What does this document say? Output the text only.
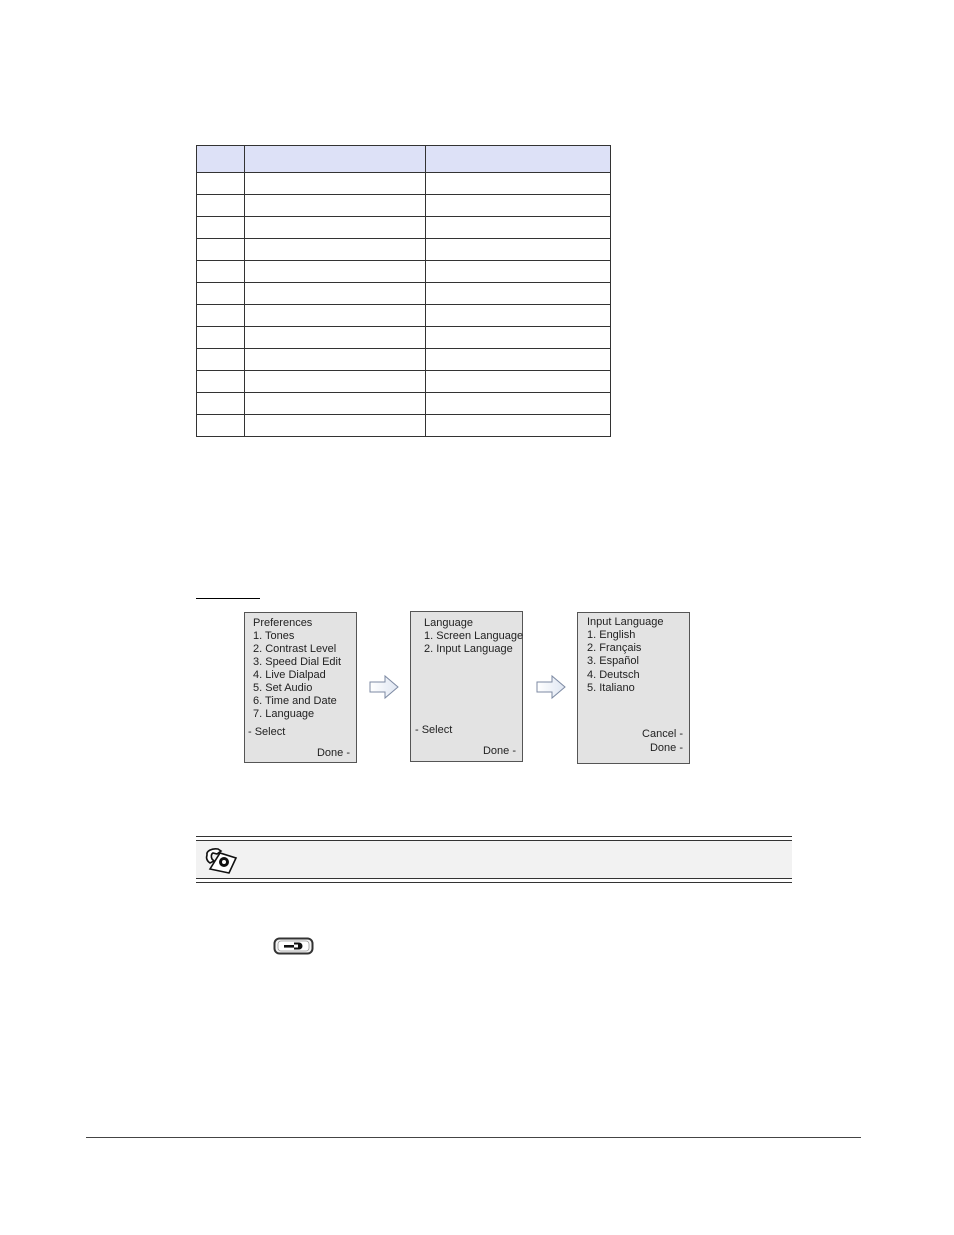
Preferences
1. Tones
2. Contrast Level
3. Speed Dial Edit
4. Live Dialpad
5. Set Audio
6. Time and Date
7. Language
- Select
Done -
Language
1. Screen Language
2. Input Language
- Select
Done -
Input Language
1. English
2. Français
3. Español
4. Deutsch
5. Italiano
Cancel -
Done -
